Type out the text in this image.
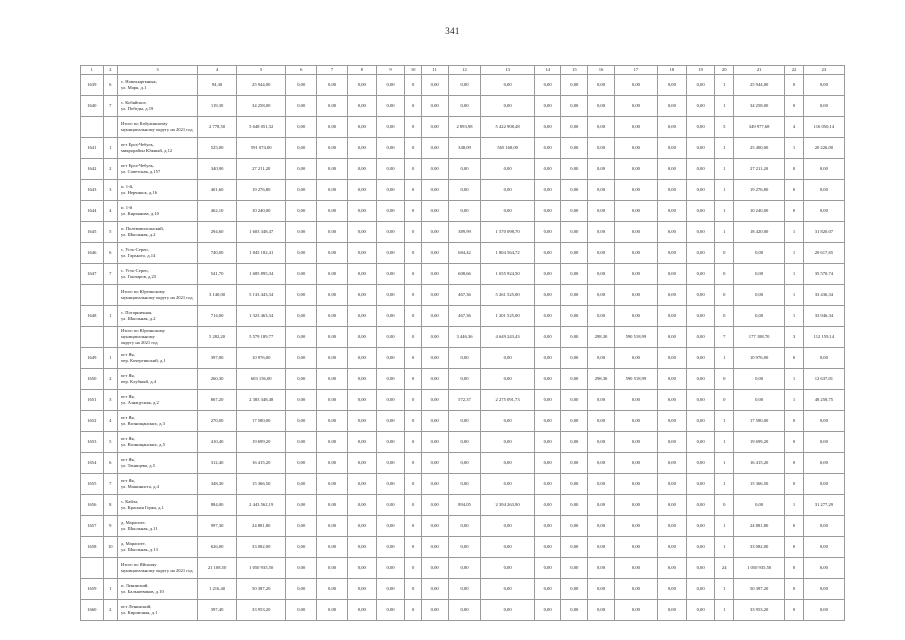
341
1	2	3	4	5	6	7	8	9	10	11	12	13	14	15	16	17	18	19	20	21	22	23
1639	6	с. Новокыргынык,
ул. Марк, д.1	94,30	25 944,00	0,00	0,00	0,00	0,00	0	0,00	0,00	0,00	0,00	0,00	0,00	0,00	0,00	0,00	1	25 944,00	0	0,00
1640	7	с. Кобяйское,
ул. Победы, д.19	119,30	34 258,00	0,00	0,00	0,00	0,00	0	0,00	0,00	0,00	0,00	0,00	0,00	0,00	0,00	0,00	1	34 258,00	0	0,00

		Итого по Кабулинскому
муниципальному округу на 2021 год	2 778,50	5 648 051,32	0,00	0,00	0,00	0,00	0	0,00	2 893,98	5 422 908,48	0,00	0,00	0,00	0,00	0,00	0,00	5	349 977,68	4	116 050,14
1641	1	пгт Ерга-Чебуль,
микрорайон Южный, д.12	525,00	591 074,00	0,00	0,00	0,00	0,00	0	0,00	348,09	565 168,00	0,00	0,00	0,00	0,00	0,00	0,00	1	25 400,00	1	20 226,00
1642	2	пгт Ерга-Чебуль,
ул. Советская, д.157	340,90	27 211,20	0,00	0,00	0,00	0,00	0	0,00	0,00	0,00	0,00	0,00	0,00	0,00	0,00	0,00	1	27 211,20	0	0,00
1643	3	п. 1-й,
ул. Нерчинск, д.16	401,60	19 276,80	0,00	0,00	0,00	0,00	0	0,00	0,00	0,00	0,00	0,00	0,00	0,00	0,00	0,00	1	19 276,80	0	0,00
1644	4	п. 1-й
ул. Кирьянова, д.10	462,10	10 240,00	0,00	0,00	0,00	0,00	0	0,00	0,00	0,00	0,00	0,00	0,00	0,00	0,00	0,00	1	10 240,00	0	0,00
1645	5	п. Полевовилсанский,
ул. Школьная, д.2	294,60	1 603 348,47	0,00	0,00	0,00	0,00	0	0,00	389,99	1 570 098,70	0,00	0,00	0,00	0,00	0,00	0,00	1	18 420,00	1	31 820,07
1646	6	с. Усть-Сереп,
ул. Гарького, д.14	740,00	1 845 182,41	0,00	0,00	0,00	0,00	0	0,00	684,42	1 804 564,72	0,00	0,00	0,00	0,00	0,00	0,00	0	0,00	1	20 617,65
1647	7	с. Усть-Сереп,
ул. Гончаров, д.25	541,70	1 685 895,34	0,00	0,00	0,00	0,00	0	0,00	608,66	1 655 924,50	0,00	0,00	0,00	0,00	0,00	0,00	0	0,00	1	35 570,74

		Итого по Юргинскому
муниципальному округу на 2021 год	3 140,00	5 133 443,34	0,00	0,00	0,00	0,00	0	0,00	467,36	5 261 525,00	0,00	0,00	0,00	0,00	0,00	0,00	0	0,00	1	33 436,34
1648	1	с. Погарничная,
ул. Школьная, д.2	714,00	1 323 463,34	0,00	0,00	0,00	0,00	0	0,00	467,36	1 201 525,00	0,00	0,00	0,00	0,00	0,00	0,00	0	0,00	1	33 946,34

		Итого по Юргинскому муниципальному
округу на 2021 год	5 282,20	5 579 189,77	0,00	0,00	0,00	0,00	0	0,00	3 446,36	4 649 243,43	0,00	0,00	298,30	590 518,99	0,00	0,00	7	177 188,70	3	112 159,14
1649	1	пгт Яя,
пер. Кочергинский, д.1	397,00	10 976,00	0,00	0,00	0,00	0,00	0	0,00	0,00	0,00	0,00	0,00	0,00	0,00	0,00	0,00	1	10 976,00	0	0,00
1650	2	пгт Яя,
пер. Клубный, д.4	260,30	603 156,00	0,00	0,00	0,00	0,00	0	0,00	0,00	0,00	0,00	0,00	298,30	590 518,99	0,00	0,00	0	0,00	1	12 637,01
1651	3	пгт Яя,
ул. Азнацусная, д.2	867,20	2 383 348,48	0,00	0,00	0,00	0,00	0	0,00	572,37	2 275 091,73	0,00	0,00	0,00	0,00	0,00	0,00	0	0,00	1	48 258,75
1652	4	пгт Яя,
ул. Вознищанских, д.3	270,00	17 580,00	0,00	0,00	0,00	0,00	0	0,00	0,00	0,00	0,00	0,00	0,00	0,00	0,00	0,00	1	17 580,00	0	0,00
1653	5	пгт Яя,
ул. Вознищанских, д.5	410,40	19 699,20	0,00	0,00	0,00	0,00	0	0,00	0,00	0,00	0,00	0,00	0,00	0,00	0,00	0,00	1	19 699,20	0	0,00
1654	6	пгт Яя,
ул. Тенищева, д.5	312,40	16 415,20	0,00	0,00	0,00	0,00	0	0,00	0,00	0,00	0,00	0,00	0,00	0,00	0,00	0,00	1	16 415,20	0	0,00
1655	7	пгт Яя,
ул. Машиниста, д.4	348,30	15 366,50	0,00	0,00	0,00	0,00	0	0,00	0,00	0,00	0,00	0,00	0,00	0,00	0,00	0,00	1	15 366,50	0	0,00
1656	8	с. Кайла,
ул. Красная Горка, д.1	884,00	2 443 562,19	0,00	0,00	0,00	0,00	0	0,00	894,05	2 394 263,90	0,00	0,00	0,00	0,00	0,00	0,00	0	0,00	1	31 277,29
1657	9	д. Марасите,
ул. Школьная, д.11	997,30	24 881,80	0,00	0,00	0,00	0,00	0	0,00	0,00	0,00	0,00	0,00	0,00	0,00	0,00	0,00	1	24 881,80	0	0,00
1658	10	д. Марасите,
ул. Школьная, д.13	626,00	33 082,00	0,00	0,00	0,00	0,00	0	0,00	0,00	0,00	0,00	0,00	0,00	0,00	0,00	0,00	1	33 082,00	0	0,00

		Итого по Яйскому
муниципальному округу на 2021 год	21 108,50	1 050 935,50	0,00	0,00	0,00	0,00	0	0,00	0,00	0,00	0,00	0,00	0,00	0,00	0,00	0,00	24	1 050 935,50	0	0,00
1659	1	п. Ленинский,
ул. Бальшевиков, д.10	1 216,40	50 387,20	0,00	0,00	0,00	0,00	0	0,00	0,00	0,00	0,00	0,00	0,00	0,00	0,00	0,00	1	50 387,20	0	0,00
1660	2	пгт Ленинский,
ул. Кирпичная, д.1	397,40	33 953,20	0,00	0,00	0,00	0,00	0	0,00	0,00	0,00	0,00	0,00	0,00	0,00	0,00	0,00	1	33 953,20	0	0,00
